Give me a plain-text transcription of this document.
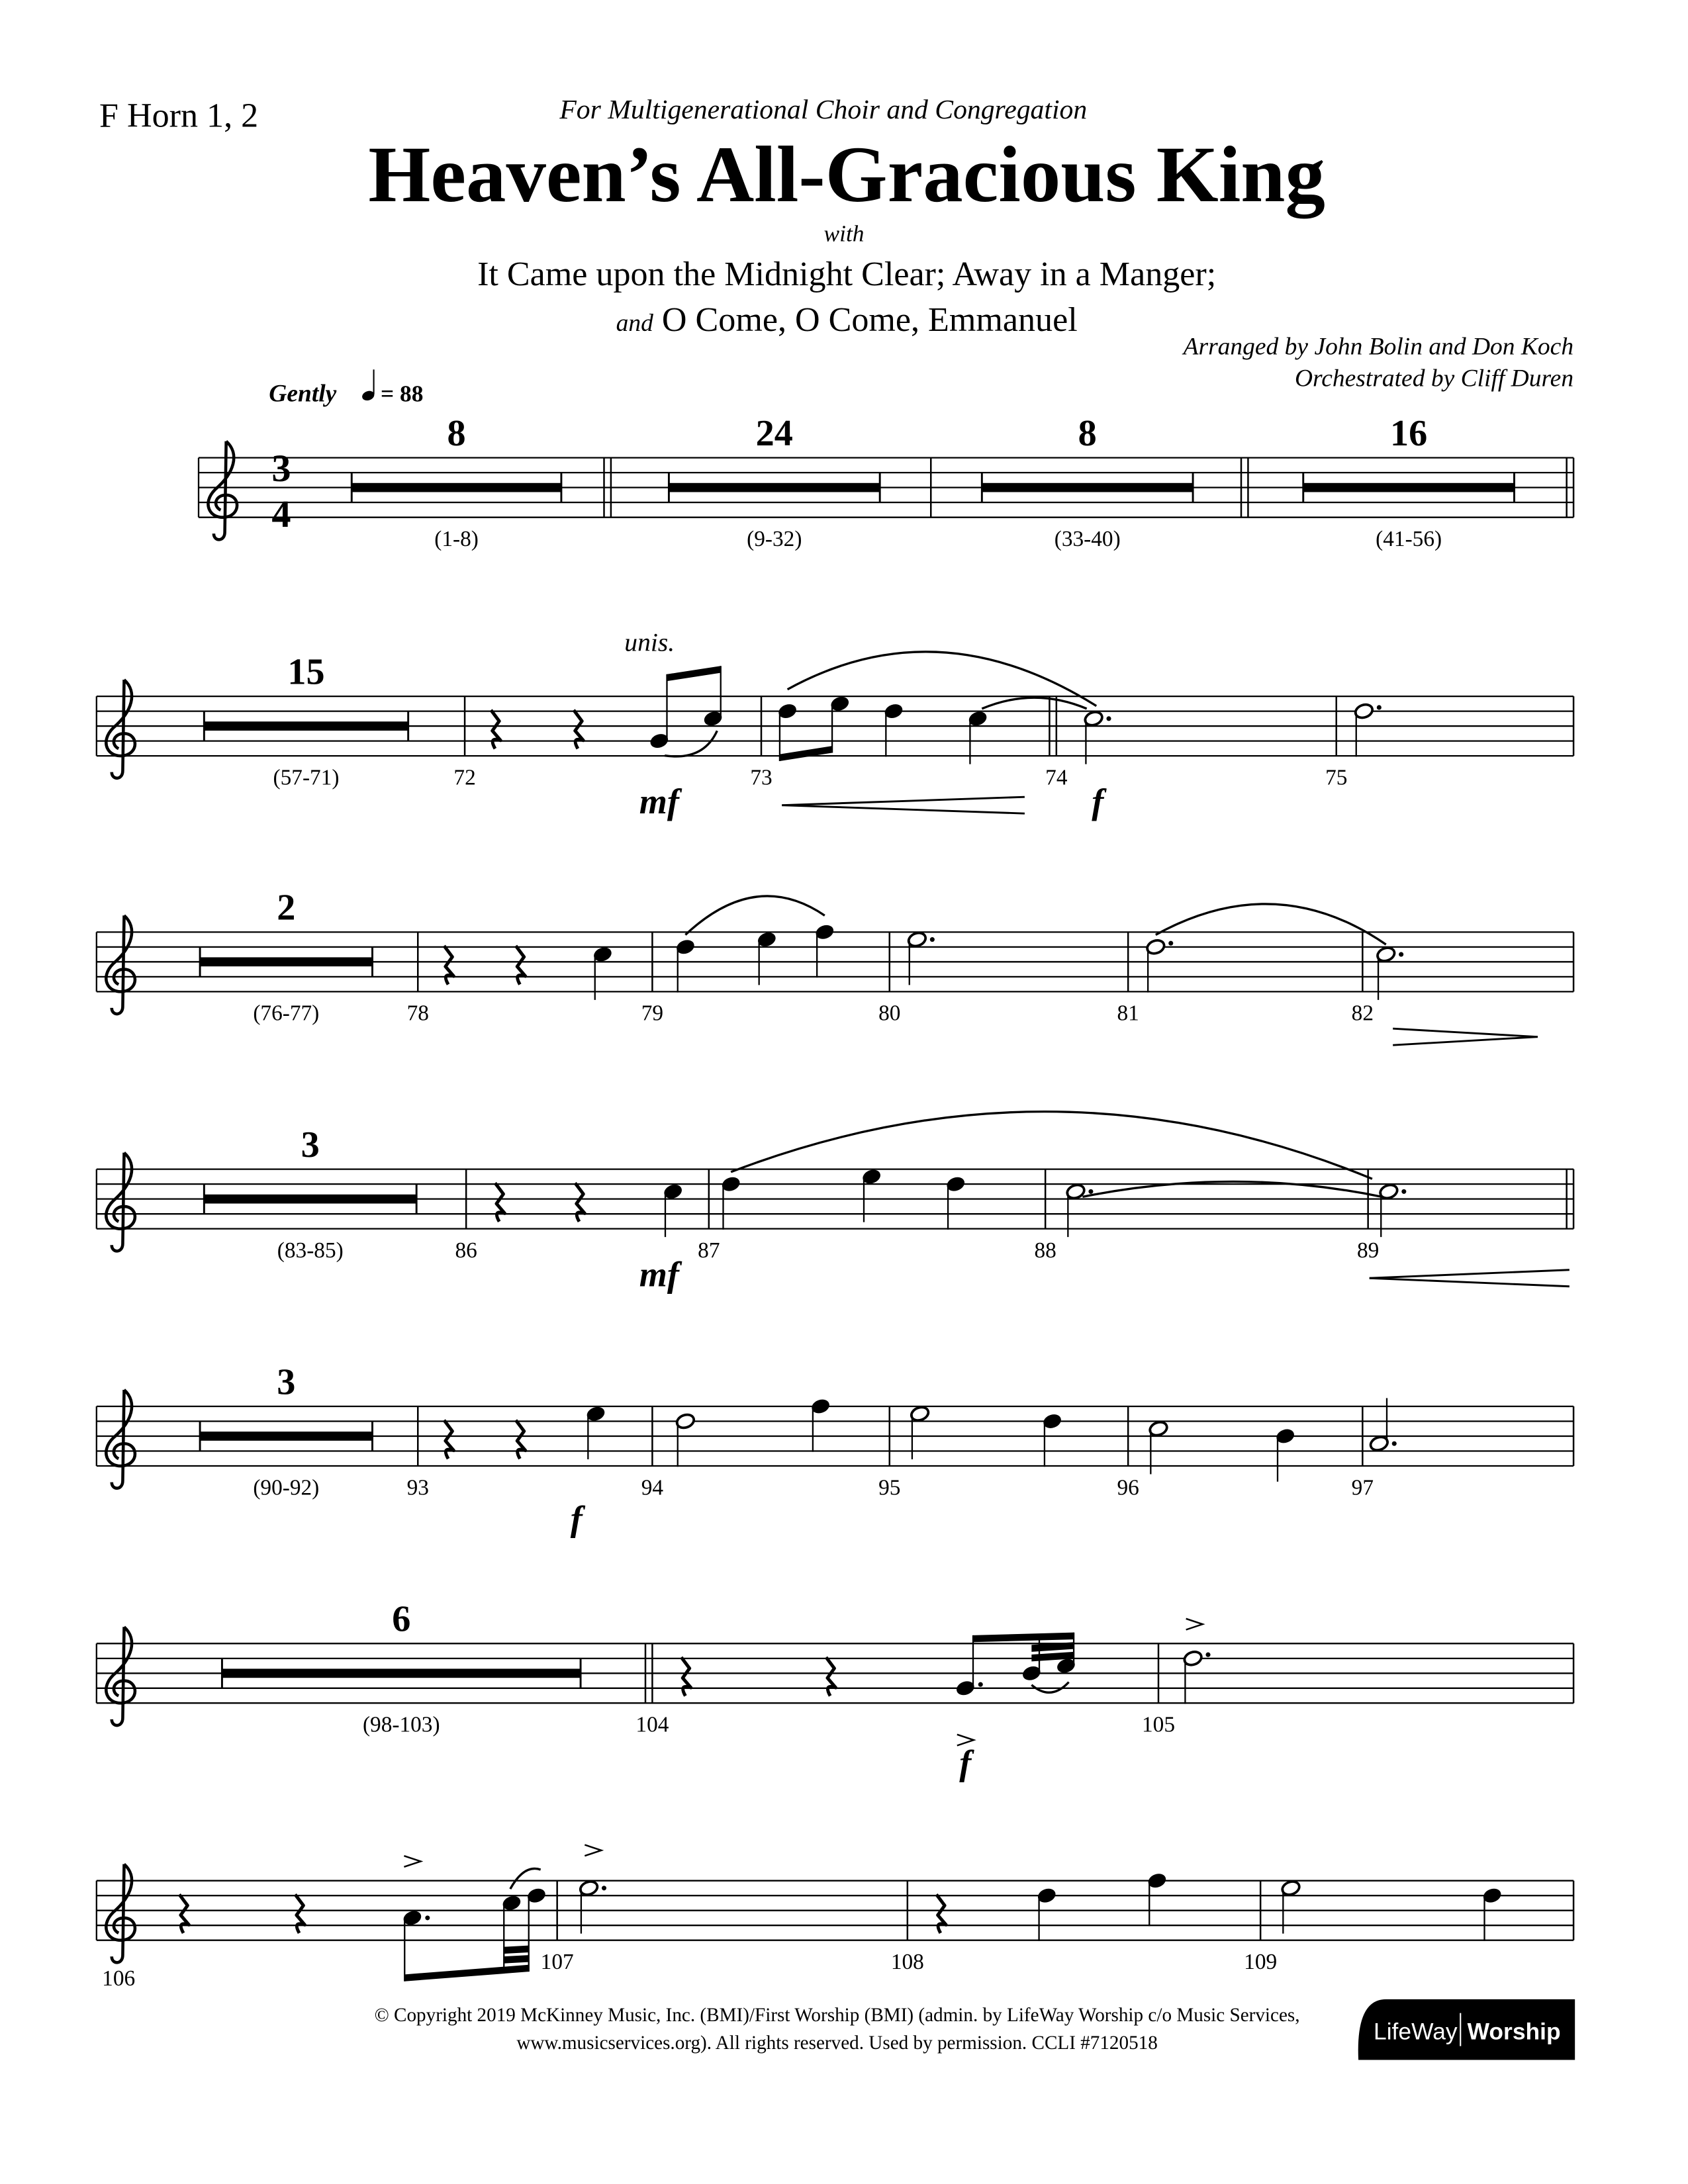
F Horn 1, 2	For Multigenerational Choir and Congregation
Heaven’s All-Gracious King
with
It Came upon the Midnight Clear; Away in a Manger;
and O Come, O Come, Emmanuel
Arranged by John Bolin and Don Koch
Orchestrated by Cliff Duren
Gently	= 88
3
4
8
(1-8)
24
(9-32)
8
(33-40)
16
(41-56)
15
(57-71)	72	73	74	75
mf	f
unis.
2
(76-77)	78	79	80	81	82
3
(83-85)	86	87	88	89
mf
3
(90-92)	93	94	95	96	97
f
6
(98-103)	104	105
f
106
107	108	109
© Copyright 2019 McKinney Music, Inc. (BMI)/First Worship (BMI) (admin. by LifeWay Worship c/o Music Services,
www.musicservices.org). All rights reserved. Used by permission. CCLI #7120518	LifeWay Worship
